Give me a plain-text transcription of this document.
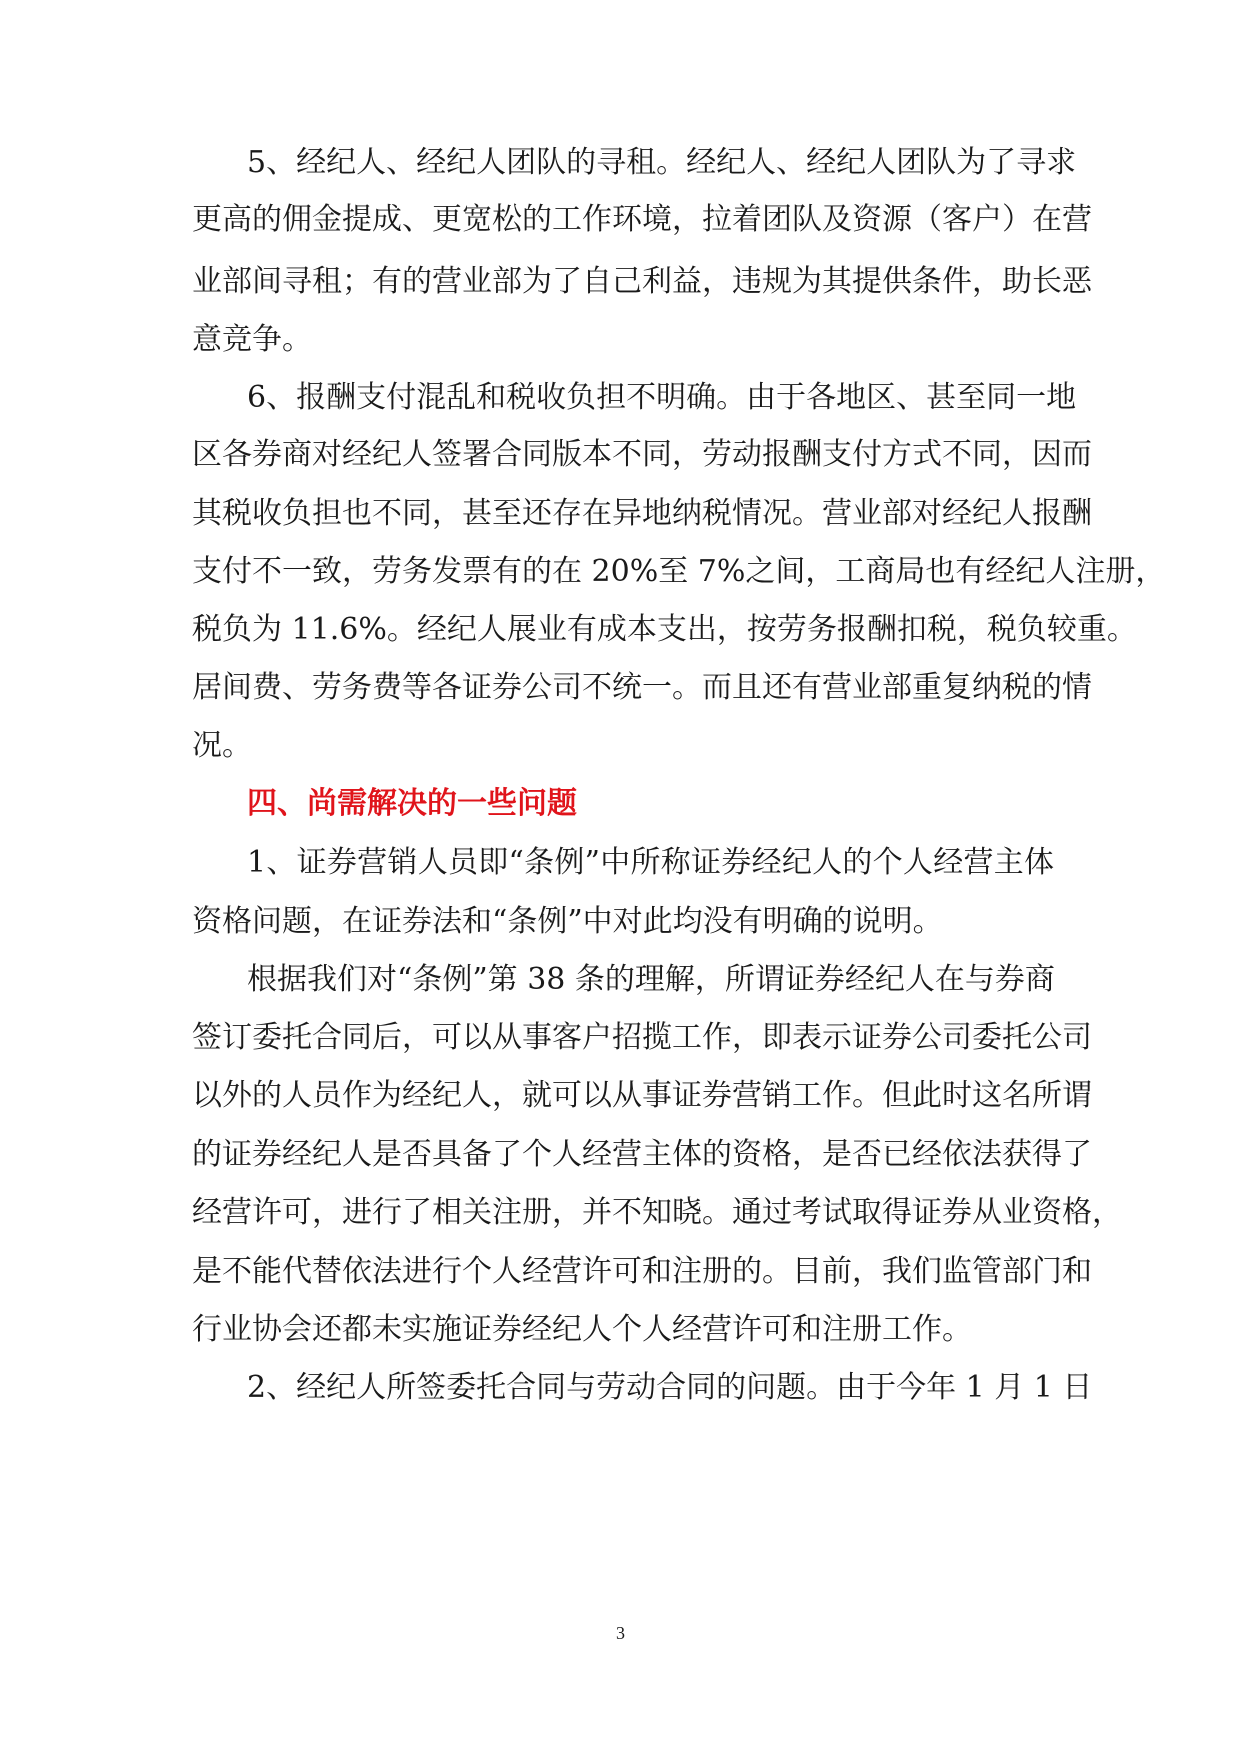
5、经纪人、经纪人团队的寻租。经纪人、经纪人团队为了寻求
更高的佣金提成、更宽松的工作环境，拉着团队及资源（客户）在营
业部间寻租；有的营业部为了自己利益，违规为其提供条件，助长恶
意竞争。
6、报酬支付混乱和税收负担不明确。由于各地区、甚至同一地
区各券商对经纪人签署合同版本不同，劳动报酬支付方式不同，因而
其税收负担也不同，甚至还存在异地纳税情况。营业部对经纪人报酬
支付不一致，劳务发票有的在 20%至 7%之间，工商局也有经纪人注册，
税负为 11.6%。经纪人展业有成本支出，按劳务报酬扣税，税负较重。
居间费、劳务费等各证券公司不统一。而且还有营业部重复纳税的情
况。
四、尚需解决的一些问题
1、证券营销人员即“条例”中所称证券经纪人的个人经营主体
资格问题，在证券法和“条例”中对此均没有明确的说明。
根据我们对“条例”第 38 条的理解，所谓证券经纪人在与券商
签订委托合同后，可以从事客户招揽工作，即表示证券公司委托公司
以外的人员作为经纪人，就可以从事证券营销工作。但此时这名所谓
的证券经纪人是否具备了个人经营主体的资格，是否已经依法获得了
经营许可，进行了相关注册，并不知晓。通过考试取得证券从业资格，
是不能代替依法进行个人经营许可和注册的。目前，我们监管部门和
行业协会还都未实施证券经纪人个人经营许可和注册工作。
2、经纪人所签委托合同与劳动合同的问题。由于今年 1 月 1 日
3
